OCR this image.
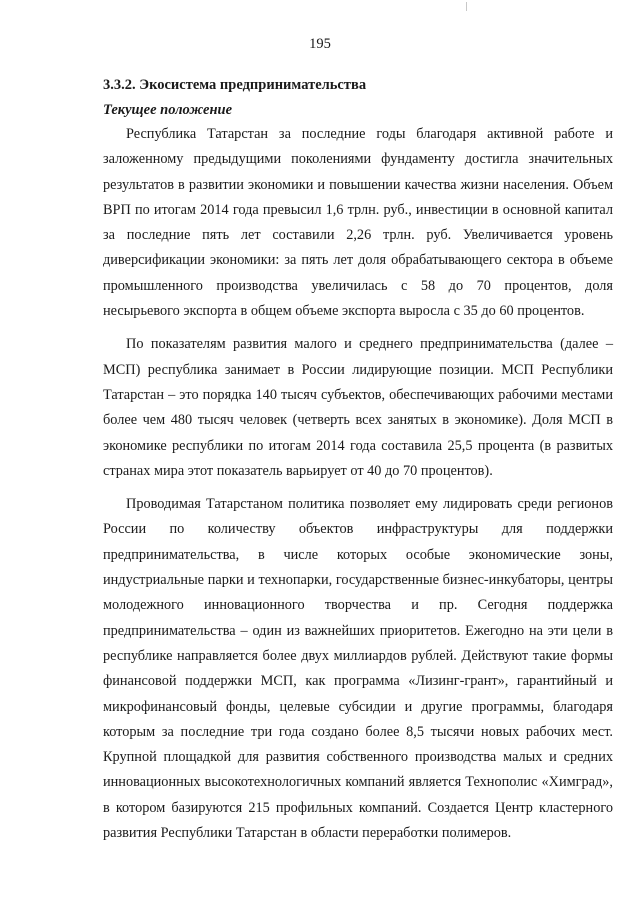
195
3.3.2. Экосистема предпринимательства
Текущее положение

Республика Татарстан за последние годы благодаря активной работе и заложенному предыдущими поколениями фундаменту достигла значительных результатов в развитии экономики и повышении качества жизни населения. Объем ВРП по итогам 2014 года превысил 1,6 трлн. руб., инвестиции в основной капитал за последние пять лет составили 2,26 трлн. руб. Увеличивается уровень диверсификации экономики: за пять лет доля обрабатывающего сектора в объеме промышленного производства увеличилась с 58 до 70 процентов, доля несырьевого экспорта в общем объеме экспорта выросла с 35 до 60 процентов.

По показателям развития малого и среднего предпринимательства (далее – МСП) республика занимает в России лидирующие позиции. МСП Республики Татарстан – это порядка 140 тысяч субъектов, обеспечивающих рабочими местами более чем 480 тысяч человек (четверть всех занятых в экономике). Доля МСП в экономике республики по итогам 2014 года составила 25,5 процента (в развитых странах мира этот показатель варьирует от 40 до 70 процентов).

Проводимая Татарстаном политика позволяет ему лидировать среди регионов России по количеству объектов инфраструктуры для поддержки предпринимательства, в числе которых особые экономические зоны, индустриальные парки и технопарки, государственные бизнес-инкубаторы, центры молодежного инновационного творчества и пр. Сегодня поддержка предпринимательства – один из важнейших приоритетов. Ежегодно на эти цели в республике направляется более двух миллиардов рублей. Действуют такие формы финансовой поддержки МСП, как программа «Лизинг-грант», гарантийный и микрофинансовый фонды, целевые субсидии и другие программы, благодаря которым за последние три года создано более 8,5 тысячи новых рабочих мест. Крупной площадкой для развития собственного производства малых и средних инновационных высокотехнологичных компаний является Технополис «Химград», в котором базируются 215 профильных компаний. Создается Центр кластерного развития Республики Татарстан в области переработки полимеров.
